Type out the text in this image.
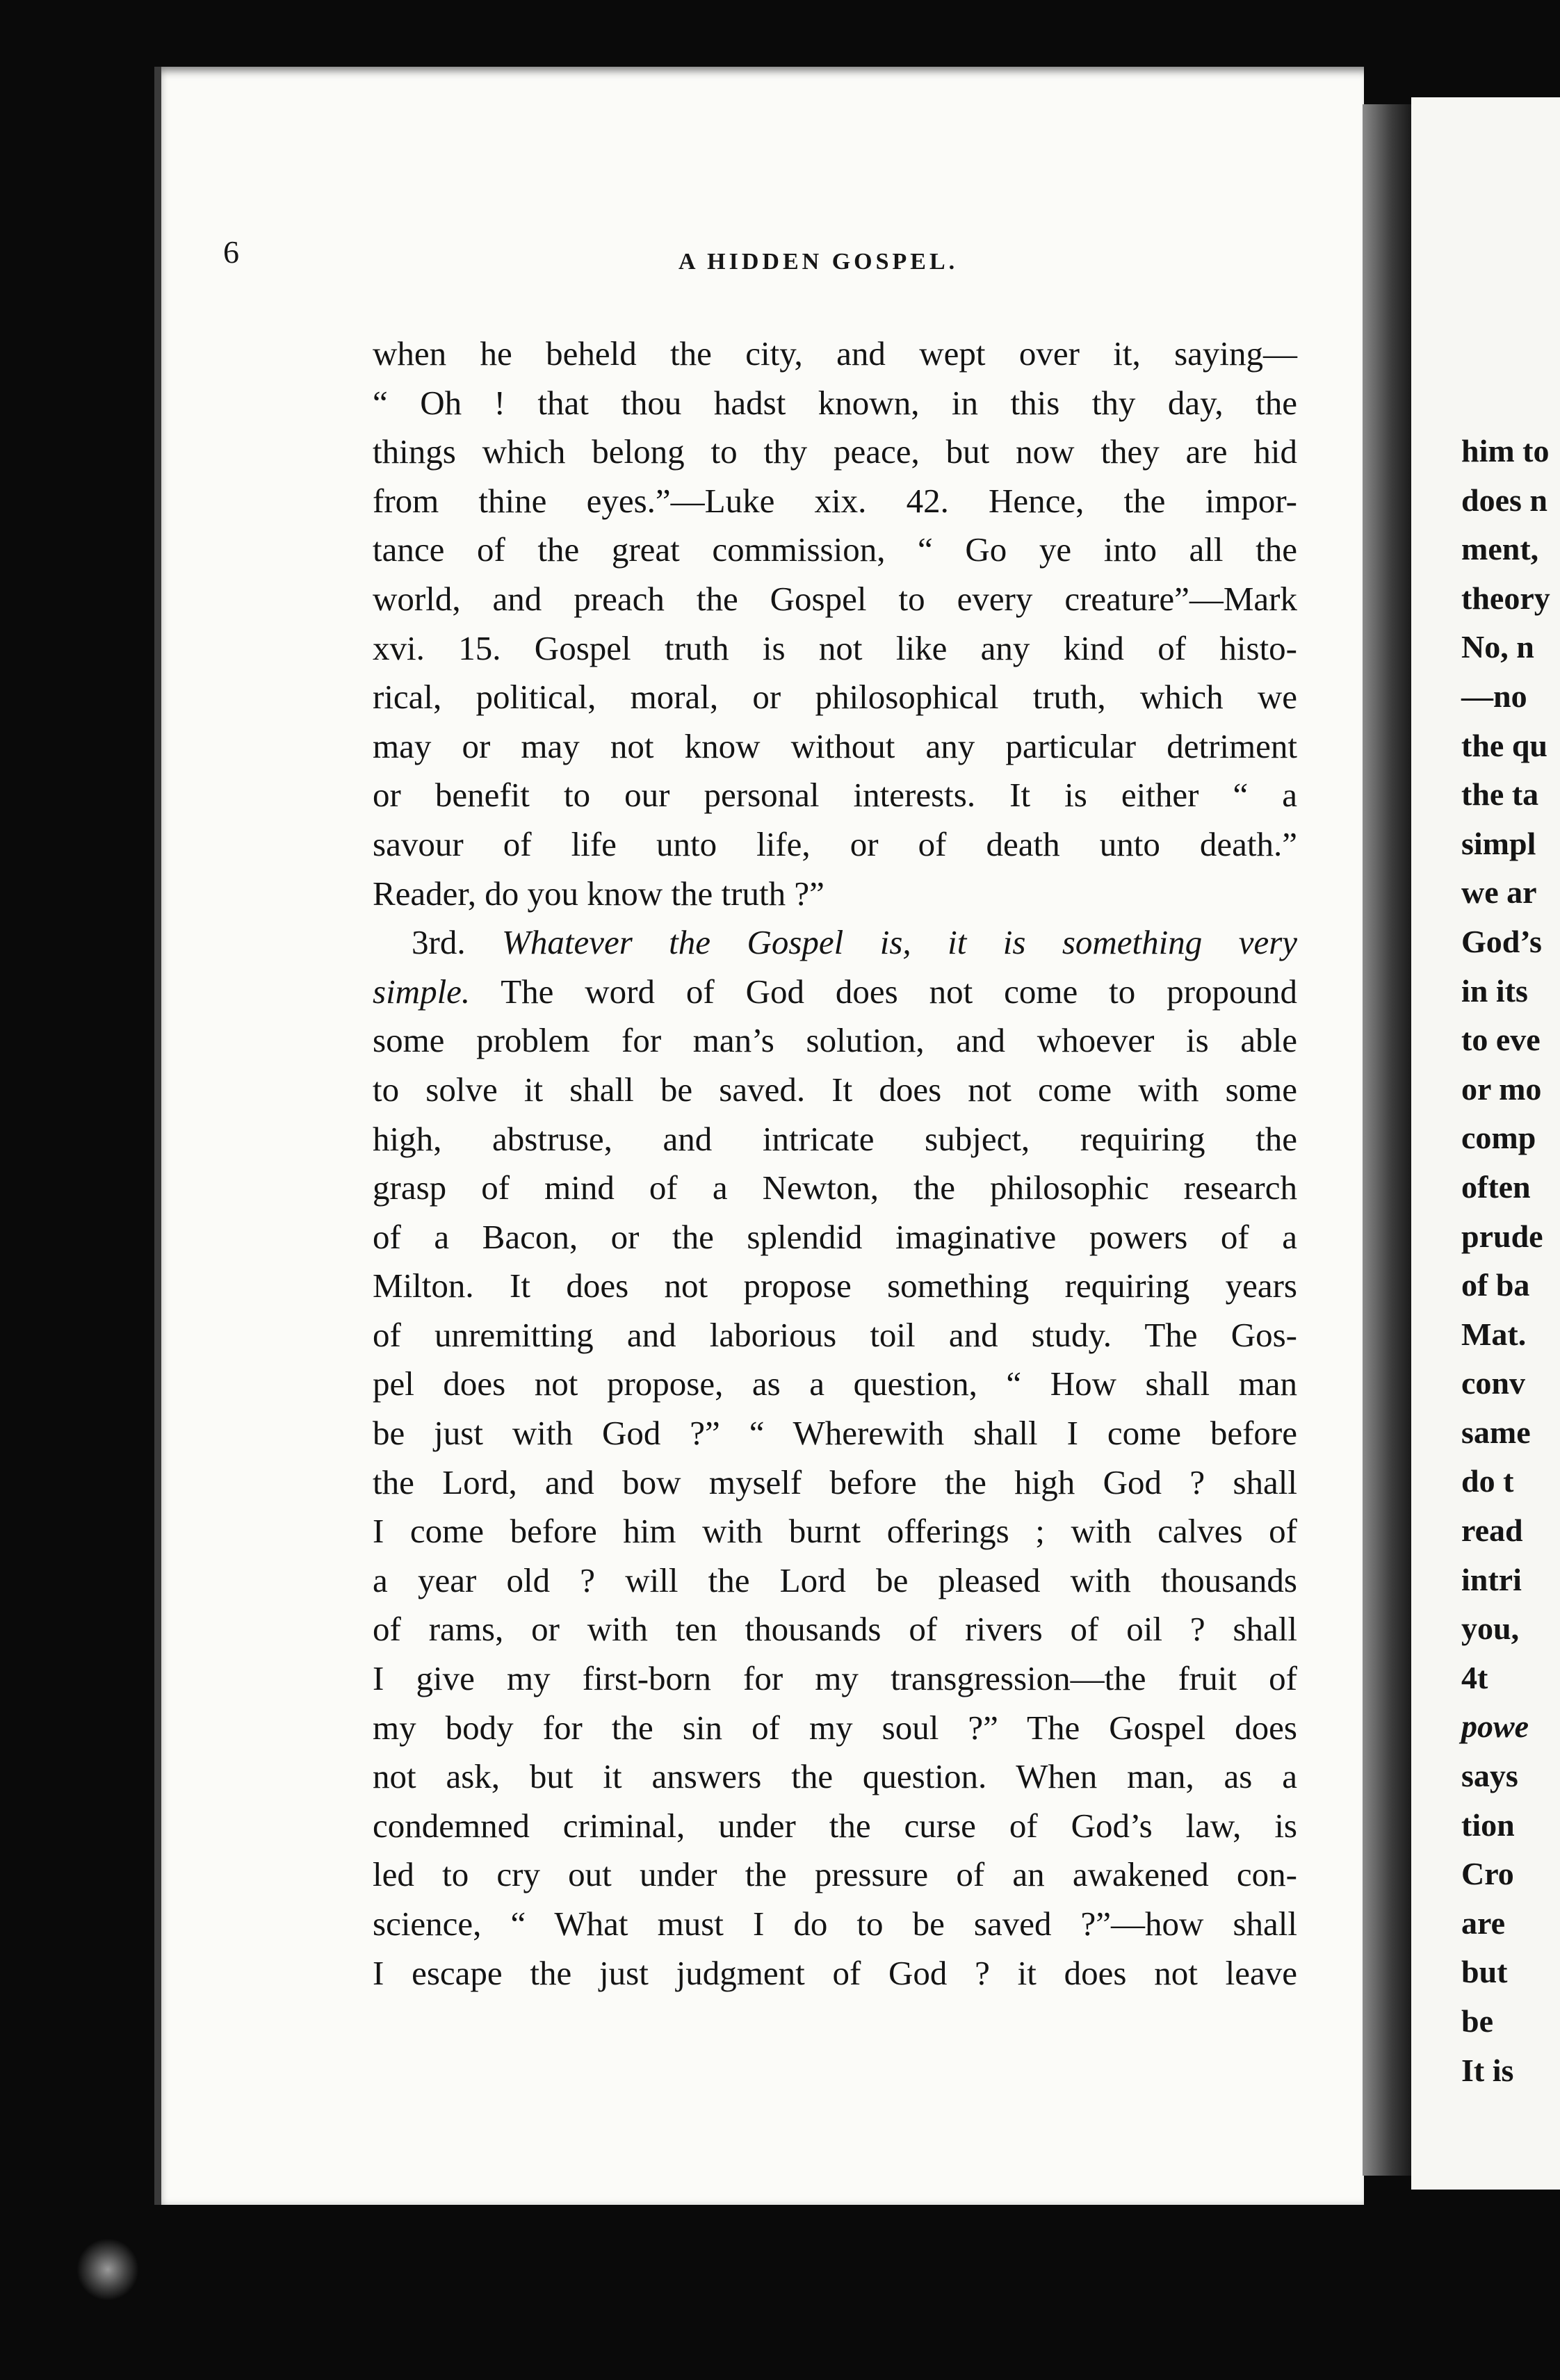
him to
does n
ment,
theory
No, n
—no
the qu
the ta
simpl
we ar
God’s
in its
to eve
or mo
comp
often
prude
of ba
Mat.
conv
same
do t
read
intri
you,
4t
powe
says
tion
Cro
are
but
be
It is
6	A HIDDEN GOSPEL.
when he beheld the city, and wept over it, saying—
“ Oh ! that thou hadst known, in this thy day, the
things which belong to thy peace, but now they are hid
from thine eyes.”—Luke xix. 42. Hence, the impor-
tance of the great commission, “ Go ye into all the
world, and preach the Gospel to every creature”—Mark
xvi. 15. Gospel truth is not like any kind of histo-
rical, political, moral, or philosophical truth, which we
may or may not know without any particular detriment
or benefit to our personal interests. It is either “ a
savour of life unto life, or of death unto death.”
Reader, do you know the truth ?”
3rd. Whatever the Gospel is, it is something very
simple. The word of God does not come to propound
some problem for man’s solution, and whoever is able
to solve it shall be saved. It does not come with some
high, abstruse, and intricate subject, requiring the
grasp of mind of a Newton, the philosophic research
of a Bacon, or the splendid imaginative powers of a
Milton. It does not propose something requiring years
of unremitting and laborious toil and study. The Gos-
pel does not propose, as a question, “ How shall man
be just with God ?” “ Wherewith shall I come before
the Lord, and bow myself before the high God ? shall
I come before him with burnt offerings ; with calves of
a year old ? will the Lord be pleased with thousands
of rams, or with ten thousands of rivers of oil ? shall
I give my first-born for my transgression—the fruit of
my body for the sin of my soul ?” The Gospel does
not ask, but it answers the question. When man, as a
condemned criminal, under the curse of God’s law, is
led to cry out under the pressure of an awakened con-
science, “ What must I do to be saved ?”—how shall
I escape the just judgment of God ? it does not leave
